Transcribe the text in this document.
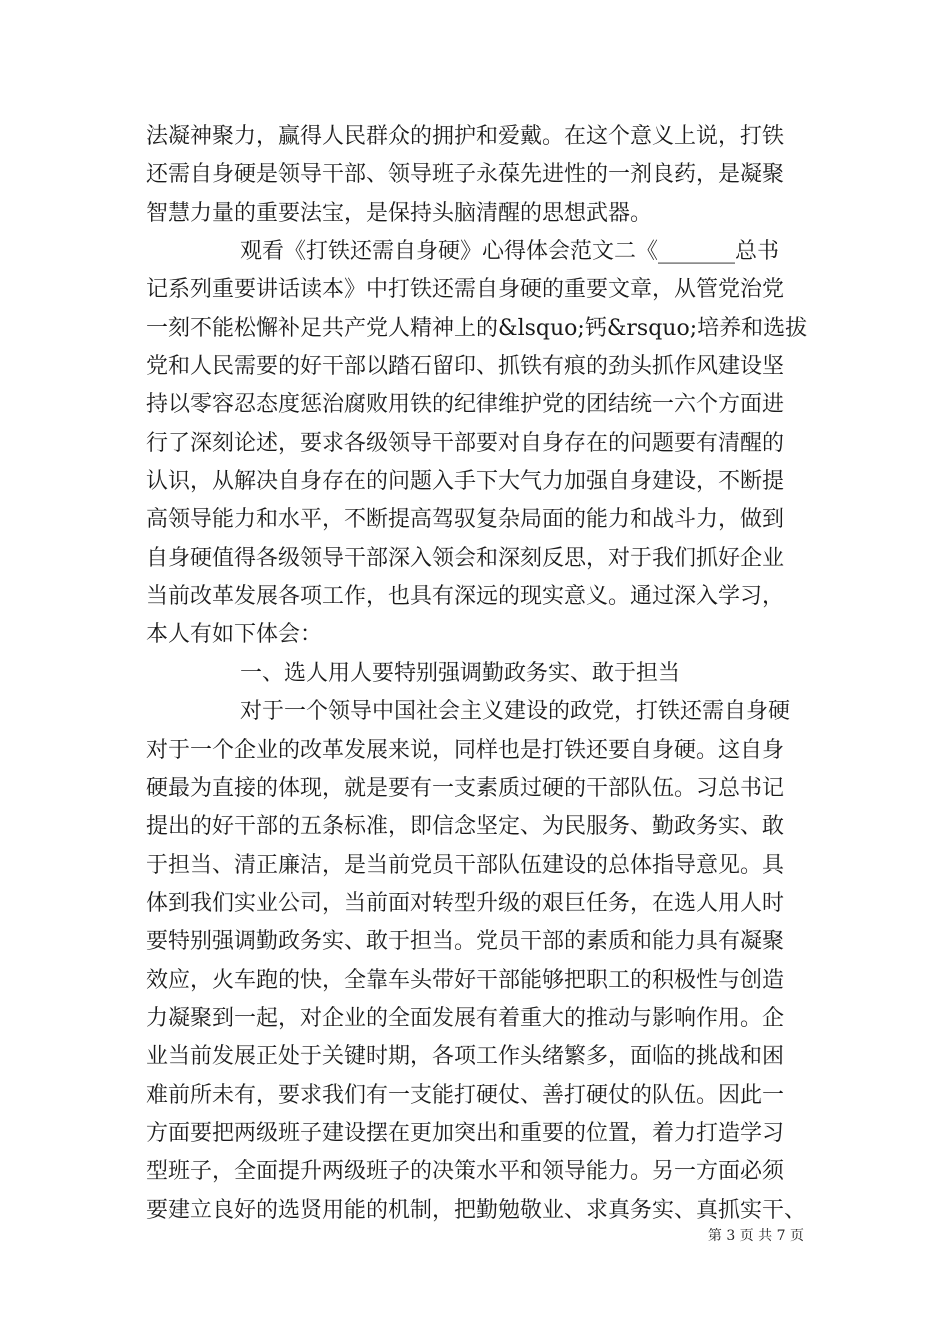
法凝神聚力，赢得人民群众的拥护和爱戴。在这个意义上说，打铁
还需自身硬是领导干部、领导班子永葆先进性的一剂良药，是凝聚
智慧力量的重要法宝，是保持头脑清醒的思想武器。
观看《打铁还需自身硬》心得体会范文二《_______总书
记系列重要讲话读本》中打铁还需自身硬的重要文章，从管党治党
一刻不能松懈补足共产党人精神上的&lsquo;钙&rsquo;培养和选拔
党和人民需要的好干部以踏石留印、抓铁有痕的劲头抓作风建设坚
持以零容忍态度惩治腐败用铁的纪律维护党的团结统一六个方面进
行了深刻论述，要求各级领导干部要对自身存在的问题要有清醒的
认识，从解决自身存在的问题入手下大气力加强自身建设，不断提
高领导能力和水平，不断提高驾驭复杂局面的能力和战斗力，做到
自身硬值得各级领导干部深入领会和深刻反思，对于我们抓好企业
当前改革发展各项工作，也具有深远的现实意义。通过深入学习，
本人有如下体会：
一、选人用人要特别强调勤政务实、敢于担当
对于一个领导中国社会主义建设的政党，打铁还需自身硬
对于一个企业的改革发展来说，同样也是打铁还要自身硬。这自身
硬最为直接的体现，就是要有一支素质过硬的干部队伍。习总书记
提出的好干部的五条标准，即信念坚定、为民服务、勤政务实、敢
于担当、清正廉洁，是当前党员干部队伍建设的总体指导意见。具
体到我们实业公司，当前面对转型升级的艰巨任务，在选人用人时
要特别强调勤政务实、敢于担当。党员干部的素质和能力具有凝聚
效应，火车跑的快，全靠车头带好干部能够把职工的积极性与创造
力凝聚到一起，对企业的全面发展有着重大的推动与影响作用。企
业当前发展正处于关键时期，各项工作头绪繁多，面临的挑战和困
难前所未有，要求我们有一支能打硬仗、善打硬仗的队伍。因此一
方面要把两级班子建设摆在更加突出和重要的位置，着力打造学习
型班子，全面提升两级班子的决策水平和领导能力。另一方面必须
要建立良好的选贤用能的机制，把勤勉敬业、求真务实、真抓实干、
第 3 页 共 7 页
